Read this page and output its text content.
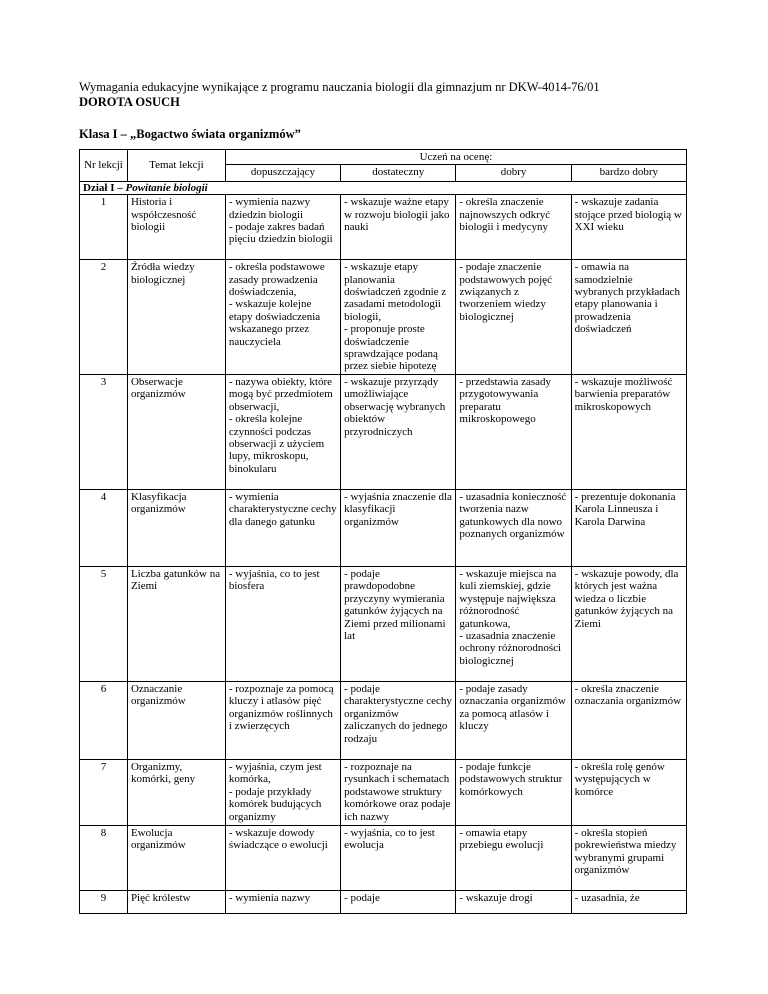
Wymagania edukacyjne wynikające z programu nauczania biologii dla gimnazjum nr DKW-4014-76/01
DOROTA OSUCH
Klasa I – „Bogactwo świata organizmów”
Nr lekcji	Temat lekcji	Uczeń na ocenę:			
		dopuszczający	dostateczny	dobry	bardzo dobry
Dział I – Powitanie biologii					
1	Historia i współczesność biologii	- wymienia nazwy dziedzin biologii
- podaje zakres badań pięciu dziedzin biologii	- wskazuje ważne etapy w rozwoju biologii jako nauki	- określa znaczenie najnowszych odkryć biologii i medycyny	- wskazuje zadania stojące przed biologią w XXI wieku
2	Źródła wiedzy biologicznej	- określa podstawowe zasady prowadzenia doświadczenia,
- wskazuje kolejne etapy doświadczenia wskazanego przez nauczyciela	- wskazuje etapy planowania doświadczeń zgodnie z zasadami metodologii biologii,
- proponuje proste doświadczenie sprawdzające podaną przez siebie hipotezę	- podaje znaczenie podstawowych pojęć związanych z tworzeniem wiedzy biologicznej	- omawia na samodzielnie wybranych przykładach etapy planowania i prowadzenia doświadczeń
3	Obserwacje organizmów	- nazywa obiekty, które mogą być przedmiotem obserwacji,
- określa kolejne czynności podczas obserwacji z użyciem lupy, mikroskopu, binokularu	- wskazuje przyrządy umożliwiające obserwację wybranych obiektów przyrodniczych	- przedstawia zasady przygotowywania preparatu mikroskopowego	- wskazuje możliwość barwienia preparatów mikroskopowych
4	Klasyfikacja organizmów	- wymienia charakterystyczne cechy dla danego gatunku	- wyjaśnia znaczenie dla klasyfikacji organizmów	- uzasadnia konieczność tworzenia nazw gatunkowych dla nowo poznanych organizmów	- prezentuje dokonania Karola Linneusza i Karola Darwina
5	Liczba gatunków na Ziemi	- wyjaśnia, co to jest biosfera	- podaje prawdopodobne przyczyny wymierania gatunków żyjących na Ziemi przed milionami lat	- wskazuje miejsca na kuli ziemskiej, gdzie występuje największa różnorodność gatunkowa,
- uzasadnia znaczenie ochrony różnorodności biologicznej	- wskazuje powody, dla których jest ważna wiedza o liczbie gatunków żyjących na Ziemi
6	Oznaczanie organizmów	- rozpoznaje za pomocą kluczy i atlasów pięć organizmów roślinnych i zwierzęcych	- podaje charakterystyczne cechy organizmów zaliczanych do jednego rodzaju	- podaje zasady oznaczania organizmów za pomocą atlasów i kluczy	- określa znaczenie oznaczania organizmów
7	Organizmy, komórki, geny	- wyjaśnia, czym jest komórka,
- podaje przykłady komórek budujących organizmy	- rozpoznaje na rysunkach i schematach podstawowe struktury komórkowe oraz podaje ich nazwy	- podaje funkcje podstawowych struktur komórkowych	- określa rolę genów występujących w komórce
8	Ewolucja organizmów	- wskazuje dowody świadczące o ewolucji	- wyjaśnia, co to jest ewolucja	- omawia etapy przebiegu ewolucji	- określa stopień pokrewieństwa miedzy wybranymi grupami organizmów
9	Pięć królestw	- wymienia nazwy	- podaje	- wskazuje drogi	- uzasadnia, że
